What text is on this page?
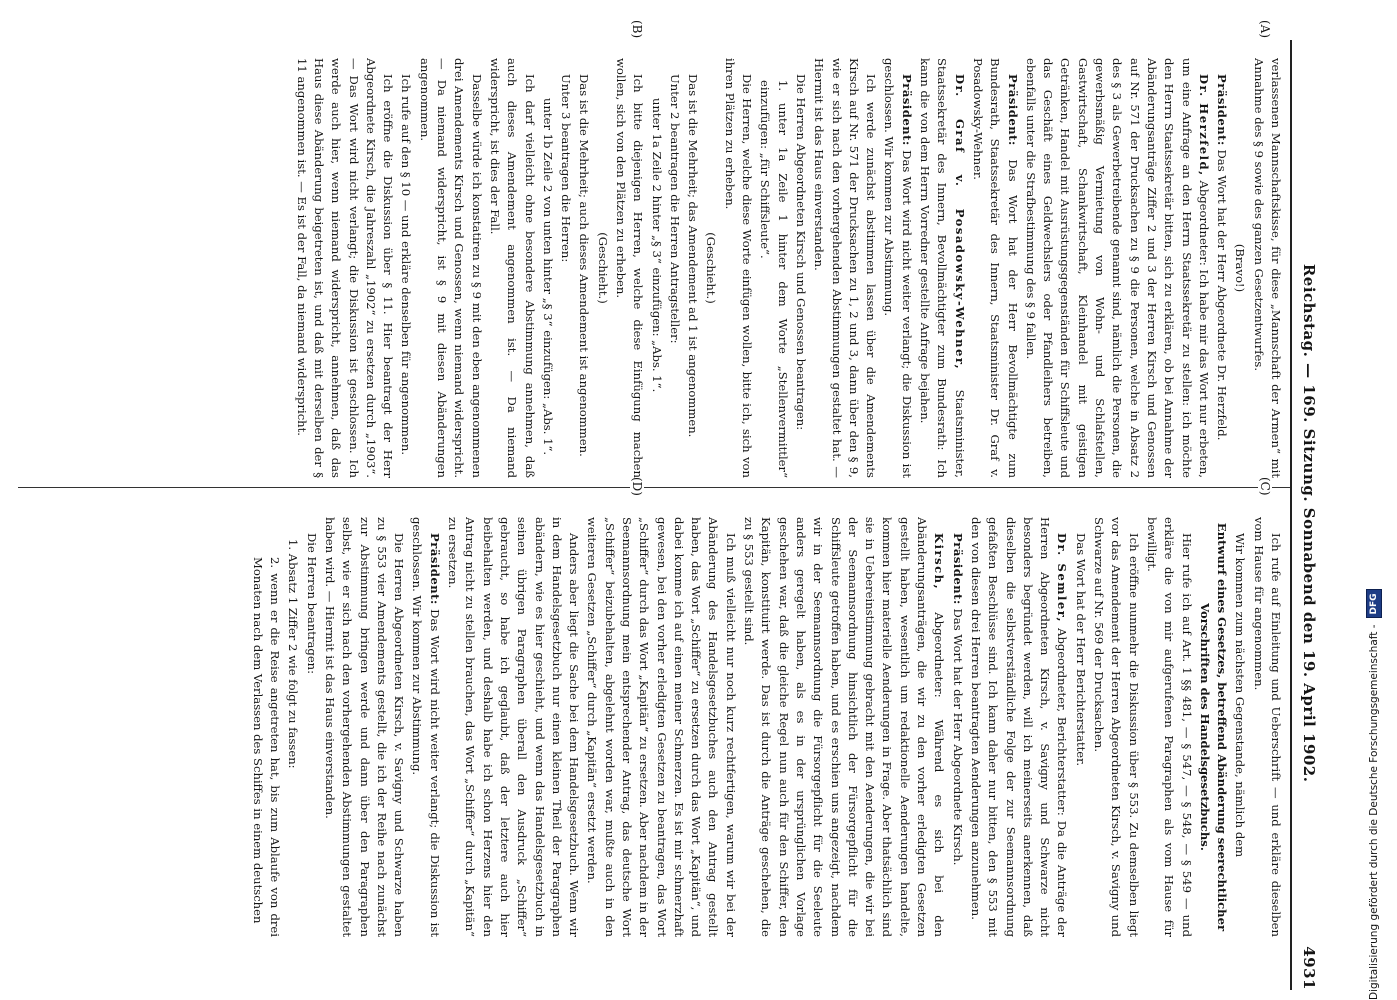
Digitalisierung gefördert durch die Deutsche Forschungsgemeinschaft -
DFG
Reichstag. — 169. Sitzung. Sonnabend den 19. April 1902.
4931
(A)
(B)
(C)
(D)

verlassenen Mannschaftskisse, für diese „Mannschaft der Armen“ mit Annahme des § 9 sowie des ganzen Gesetzentwurfes.

(Bravo!)

Präsident: Das Wort hat der Herr Abgeordnete Dr. Herzfeld.

Dr. Herzfeld, Abgeordneter: Ich habe mir das Wort nur erbeten, um eine Anfrage an den Herrn Staatssekretär zu stellen: ich möchte den Herrn Staatssekretär bitten, sich zu erklären, ob bei Annahme der Abänderungsanträge Ziffer 2 und 3 der Herren Kirsch und Genossen auf Nr. 571 der Drucksachen zu § 9 die Personen, welche in Absatz 2 des § 3 als Gewerbetreibende genannt sind, nämlich die Personen, die gewerbsmäßig Vermietung von Wohn- und Schlafstellen, Gastwirtschaft, Schankwirtschaft, Kleinhandel mit geistigen Getränken, Handel mit Ausrüstungsgegenständen für Schiffsleute und das Geschäft eines Geldwechslers oder Pfandleihers betreiben, ebenfalls unter die Strafbestimmung des § 9 fallen.

Präsident: Das Wort hat der Herr Bevollmächtigte zum Bundesrath, Staatssekretär des Innern, Staatsminister Dr. Graf v. Posadowsky-Wehner.

Dr. Graf v. Posadowsky-Wehner, Staatsminister, Staatssekretär des Innern, Bevollmächtigter zum Bundesrath: Ich kann die von dem Herrn Vorredner gestellte Anfrage bejahen.

Präsident: Das Wort wird nicht weiter verlangt; die Diskussion ist geschlossen. Wir kommen zur Abstimmung.

Ich werde zunächst abstimmen lassen über die Amendements Kirsch auf Nr. 571 der Drucksachen zu 1, 2 und 3, dann über den § 9, wie er sich nach den vorhergehenden Abstimmungen gestaltet hat. — Hiermit ist das Haus einverstanden.

Die Herren Abgeordneten Kirsch und Genossen beantragen:

1. unter 1a Zeile 1 hinter dem Worte „Stellenvermittler“ einzufügen: „für Schiffsleute“.

Die Herren, welche diese Worte einfügen wollen, bitte ich, sich von ihren Plätzen zu erheben.

(Geschieht.)

Das ist die Mehrheit; das Amendement ad 1 ist angenommen.

Unter 2 beantragen die Herren Antragsteller:

unter 1a Zeile 2 hinter „§ 3“ einzufügen: „Abs. 1“.

Ich bitte diejenigen Herren, welche diese Einfügung machen wollen, sich von den Plätzen zu erheben.

(Geschieht.)

Das ist die Mehrheit; auch dieses Amendement ist angenommen.

Unter 3 beantragen die Herren:

unter 1b Zeile 2 von unten hinter „§ 3“ einzufügen: „Abs. 1“.

Ich darf vielleicht ohne besondere Abstimmung annehmen, daß auch dieses Amendement angenommen ist. — Da niemand widerspricht, ist dies der Fall.

Dasselbe würde ich konstatiren zu § 9 mit den eben angenommenen drei Amendements Kirsch und Genossen, wenn niemand widerspricht. — Da niemand widerspricht, ist § 9 mit diesen Abänderungen angenommen.

Ich rufe auf den § 10 — und erkläre denselben für angenommen.

Ich eröffne die Diskussion über § 11. Hier beantragt der Herr Abgeordnete Kirsch, die Jahreszahl „1902“ zu ersetzen durch „1903“. — Das Wort wird nicht verlangt; die Diskussion ist geschlossen. Ich werde auch hier, wenn niemand widerspricht, annehmen, daß das Haus diese Abänderung beigetreten ist, und daß mit derselben der § 11 angenommen ist. — Es ist der Fall, da niemand widerspricht.

Ich rufe auf Einleitung und Ueberschrift — und erkläre dieselben vom Hause für angenommen.

Wir kommen zum nächsten Gegenstande, nämlich dem

Entwurf eines Gesetzes, betreffend Abänderung seerechtlicher Vorschriften des Handelsgesetzbuchs.

Hier rufe ich auf Art. 1 §§ 481, — § 547, — § 548, — § 549 — und erkläre die von mir aufgerufenen Paragraphen als vom Hause für bewilligt.

Ich eröffne nunmehr die Diskussion über § 553. Zu demselben liegt vor das Amendement der Herren Abgeordneten Kirsch, v. Savigny und Schwarze auf Nr. 569 der Drucksachen.

Das Wort hat der Herr Berichterstatter.

Dr. Semler, Abgeordneter, Berichterstatter: Da die Anträge der Herren Abgeordneten Kirsch, v. Savigny und Schwarze nicht besonders begründet werden, will ich meinerseits anerkennen, daß dieselben die selbstverständliche Folge der zur Seemannsordnung gefaßten Beschlüsse sind. Ich kann daher nur bitten, den § 553 mit den von diesen drei Herren beantragten Aenderungen anzunehmen.

Präsident: Das Wort hat der Herr Abgeordnete Kirsch.

Kirsch, Abgeordneter: Während es sich bei den Abänderungsanträgen, die wir zu den vorher erledigten Gesetzen gestellt haben, wesentlich um redaktionelle Aenderungen handelte, kommen hier materielle Aenderungen in Frage. Aber thatsächlich sind sie in Uebereinstimmung gebracht mit den Aenderungen, die wir bei der Seemannsordnung hinsichtlich der Fürsorgepflicht für die Schiffsleute getroffen haben, und es erschien uns angezeigt, nachdem wir in der Seemannsordnung die Fürsorgepflicht für die Seeleute anders geregelt haben, als es in der ursprünglichen Vorlage geschehen war, daß die gleiche Regel nun auch für den Schiffer, den Kapitän, konstituirt werde. Das ist durch die Anträge geschehen, die zu § 553 gestellt sind.

Ich muß vielleicht nur noch kurz rechtfertigen, warum wir bei der Abänderung des Handelsgesetzbuches auch den Antrag gestellt haben, das Wort „Schiffer“ zu ersetzen durch das Wort „Kapitän“, und dabei komme ich auf einen meiner Schmerzen. Es ist mir schmerzhaft gewesen, bei den vorher erledigten Gesetzen zu beantragen, das Wort „Schiffer“ durch das Wort „Kapitän“ zu ersetzen. Aber nachdem in der Seemannsordnung mein entsprechender Antrag, das deutsche Wort „Schiffer“ beizubehalten, abgelehnt worden war, mußte auch in den weiteren Gesetzen „Schiffer“ durch „Kapitän“ ersetzt werden.

Anders aber liegt die Sache bei dem Handelsgesetzbuch. Wenn wir in dem Handelsgesetzbuch nur einen kleinen Theil der Paragraphen abändern, wie es hier geschieht, und wenn das Handelsgesetzbuch in seinen übrigen Paragraphen überall den Ausdruck „Schiffer“ gebraucht, so habe ich geglaubt, daß der letztere auch hier beibehalten werden, und deshalb habe ich schon Herzens hier den Antrag nicht zu stellen brauchen, das Wort „Schiffer“ durch „Kapitän“ zu ersetzen.

Präsident: Das Wort wird nicht weiter verlangt; die Diskussion ist geschlossen. Wir kommen zur Abstimmung.

Die Herren Abgeordneten Kirsch, v. Savigny und Schwarze haben zu § 553 vier Amendements gestellt, die ich der Reihe nach zunächst zur Abstimmung bringen werde und dann über den Paragraphen selbst, wie er sich nach den vorhergehenden Abstimmungen gestaltet haben wird. — Hiermit ist das Haus einverstanden.

Die Herren beantragen:

1. Absatz 1 Ziffer 2 wie folgt zu fassen:

2. wenn er die Reise angetreten hat, bis zum Ablaufe von drei Monaten nach dem Verlassen des Schiffes in einem deutschen
